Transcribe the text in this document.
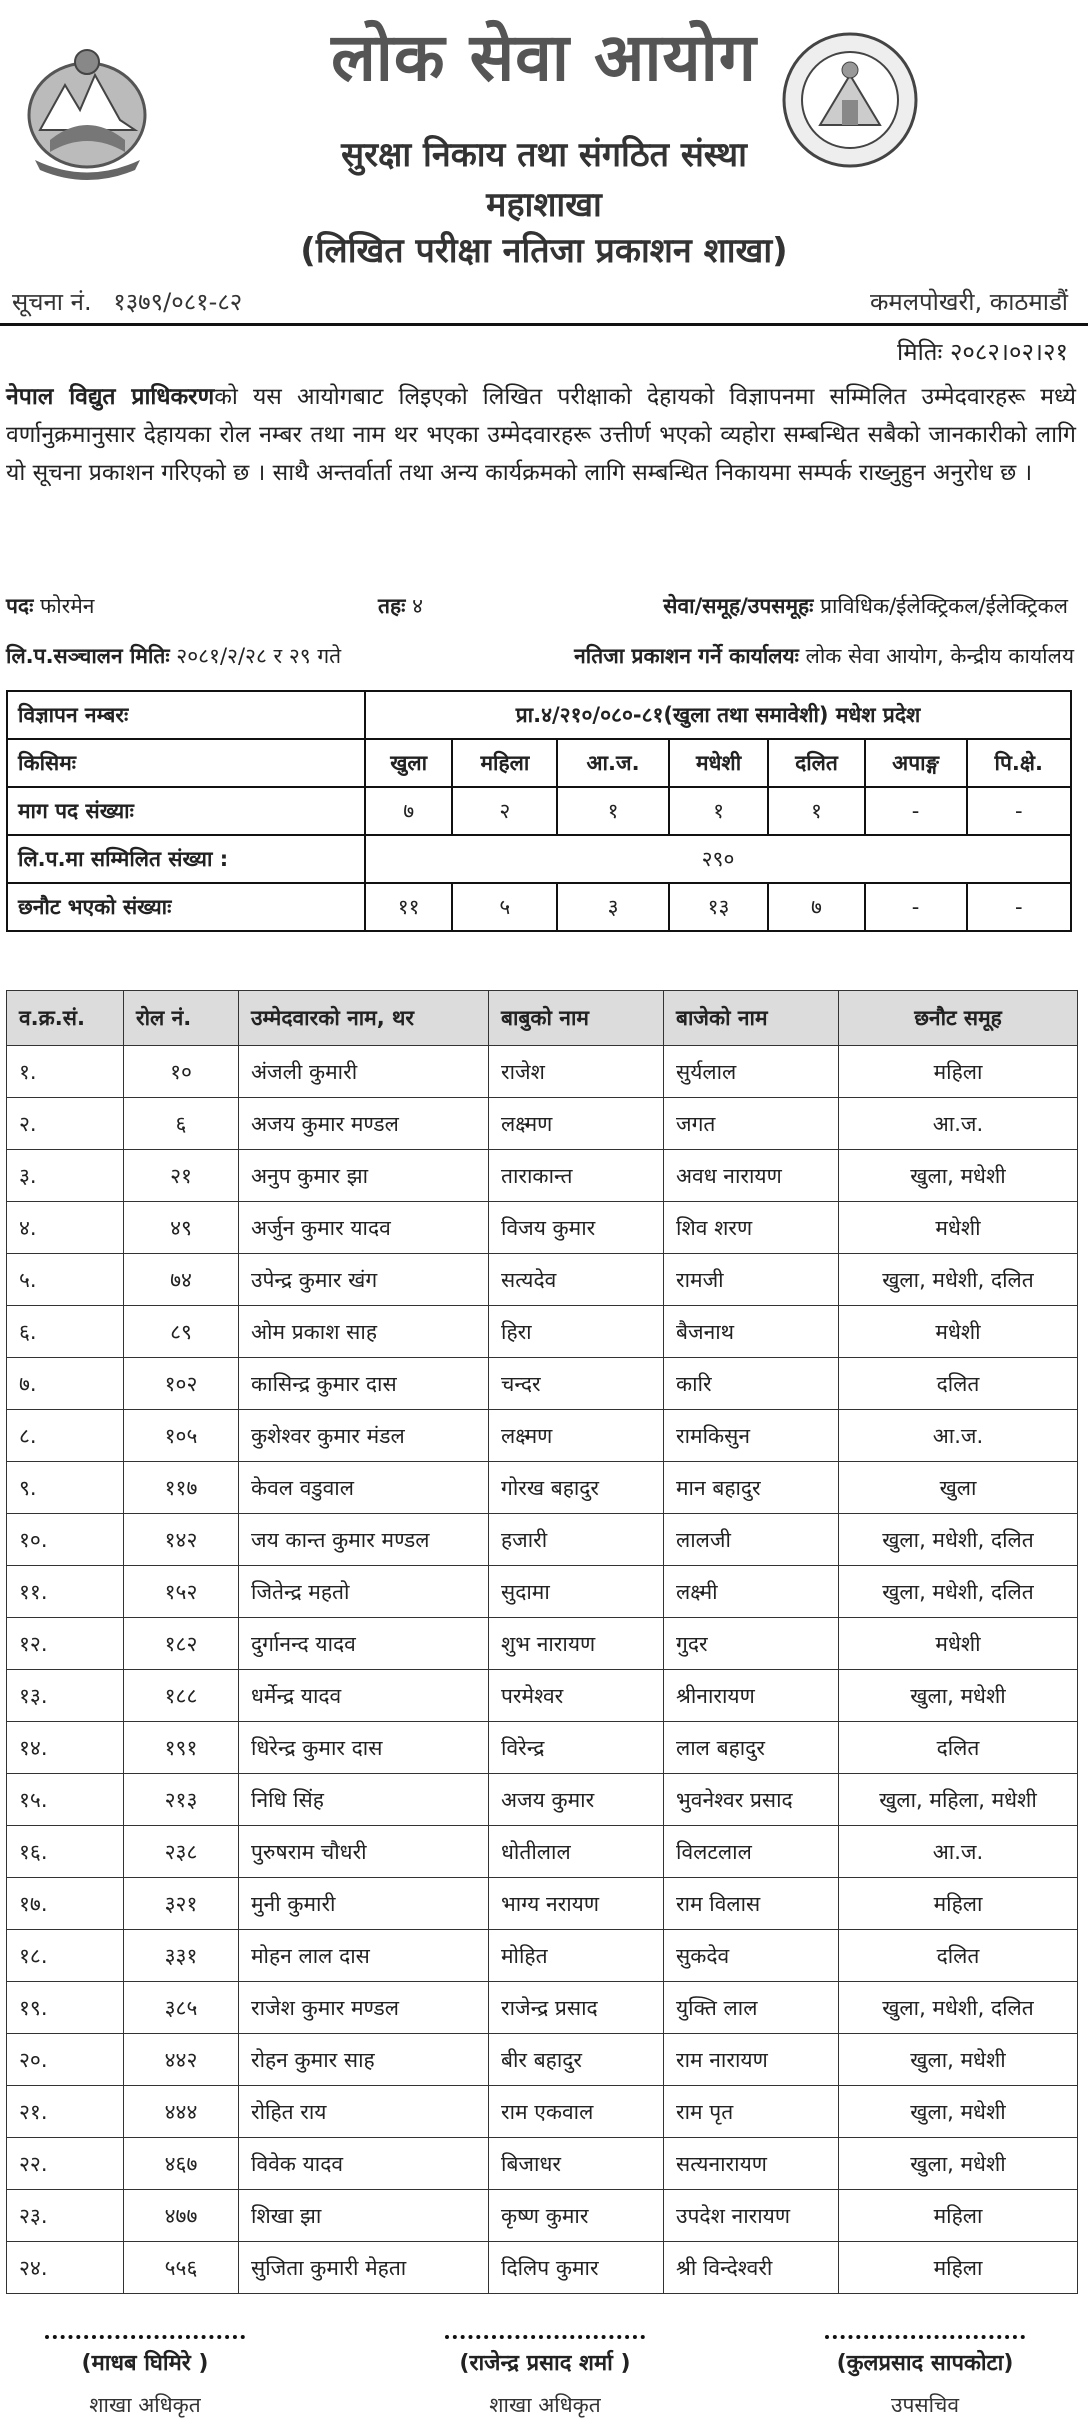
लोक सेवा आयोग
सुरक्षा निकाय तथा संगठित संस्था
महाशाखा
(लिखित परीक्षा नतिजा प्रकाशन शाखा)
सूचना नं. १३७९/०८१-८२	कमलपोखरी, काठमाडौं
मितिः २०८२।०२।२१
नेपाल विद्युत प्राधिकरणको यस आयोगबाट लिइएको लिखित परीक्षाको देहायको विज्ञापनमा सम्मिलित उम्मेदवारहरू मध्ये वर्णानुक्रमानुसार देहायका रोल नम्बर तथा नाम थर भएका उम्मेदवारहरू उत्तीर्ण भएको व्यहोरा सम्बन्धित सबैको जानकारीको लागि यो सूचना प्रकाशन गरिएको छ । साथै अन्तर्वार्ता तथा अन्य कार्यक्रमको लागि सम्बन्धित निकायमा सम्पर्क राख्नुहुन अनुरोध छ ।
पदः फोरमेन	तहः ४	सेवा/समूह/उपसमूहः प्राविधिक/ईलेक्ट्रिकल/ईलेक्ट्रिकल
लि.प.सञ्चालन मितिः २०८१/२/२८ र २९ गते	नतिजा प्रकाशन गर्ने कार्यालयः लोक सेवा आयोग, केन्द्रीय कार्यालय
विज्ञापन नम्बरः	प्रा.४/२१०/०८०-८१(खुला तथा समावेशी) मधेश प्रदेश						
किसिमः	खुला	महिला	आ.ज.	मधेशी	दलित	अपाङ्ग	पि.क्षे.
माग पद संख्याः	७	२	१	१	१	-	-
लि.प.मा सम्मिलित संख्या :	२९०						
छनौट भएको संख्याः	११	५	३	१३	७	-	-
व.क्र.सं.	रोल नं.	उम्मेदवारको नाम, थर	बाबुको नाम	बाजेको नाम	छनौट समूह
१.	१०	अंजली कुमारी	राजेश	सुर्यलाल	महिला
२.	६	अजय कुमार मण्डल	लक्ष्मण	जगत	आ.ज.
३.	२१	अनुप कुमार झा	ताराकान्त	अवध नारायण	खुला, मधेशी
४.	४९	अर्जुन कुमार यादव	विजय कुमार	शिव शरण	मधेशी
५.	७४	उपेन्द्र कुमार खंग	सत्यदेव	रामजी	खुला, मधेशी, दलित
६.	८९	ओम प्रकाश साह	हिरा	बैजनाथ	मधेशी
७.	१०२	कासिन्द्र कुमार दास	चन्दर	कारि	दलित
८.	१०५	कुशेश्वर कुमार मंडल	लक्ष्मण	रामकिसुन	आ.ज.
९.	११७	केवल वडुवाल	गोरख बहादुर	मान बहादुर	खुला
१०.	१४२	जय कान्त कुमार मण्डल	हजारी	लालजी	खुला, मधेशी, दलित
११.	१५२	जितेन्द्र महतो	सुदामा	लक्ष्मी	खुला, मधेशी, दलित
१२.	१८२	दुर्गानन्द यादव	शुभ नारायण	गुदर	मधेशी
१३.	१८८	धर्मेन्द्र यादव	परमेश्वर	श्रीनारायण	खुला, मधेशी
१४.	१९१	धिरेन्द्र कुमार दास	विरेन्द्र	लाल बहादुर	दलित
१५.	२१३	निधि सिंह	अजय कुमार	भुवनेश्वर प्रसाद	खुला, महिला, मधेशी
१६.	२३८	पुरुषराम चौधरी	धोतीलाल	विलटलाल	आ.ज.
१७.	३२१	मुनी कुमारी	भाग्य नरायण	राम विलास	महिला
१८.	३३१	मोहन लाल दास	मोहित	सुकदेव	दलित
१९.	३८५	राजेश कुमार मण्डल	राजेन्द्र प्रसाद	युक्ति लाल	खुला, मधेशी, दलित
२०.	४४२	रोहन कुमार साह	बीर बहादुर	राम नारायण	खुला, मधेशी
२१.	४४४	रोहित राय	राम एकवाल	राम पृत	खुला, मधेशी
२२.	४६७	विवेक यादव	बिजाधर	सत्यनारायण	खुला, मधेशी
२३.	४७७	शिखा झा	कृष्ण कुमार	उपदेश नारायण	महिला
२४.	५५६	सुजिता कुमारी मेहता	दिलिप कुमार	श्री विन्देश्वरी	महिला
(माधब घिमिरे )
शाखा अधिकृत
(राजेन्द्र प्रसाद शर्मा )
शाखा अधिकृत
(कुलप्रसाद सापकोटा)
उपसचिव
